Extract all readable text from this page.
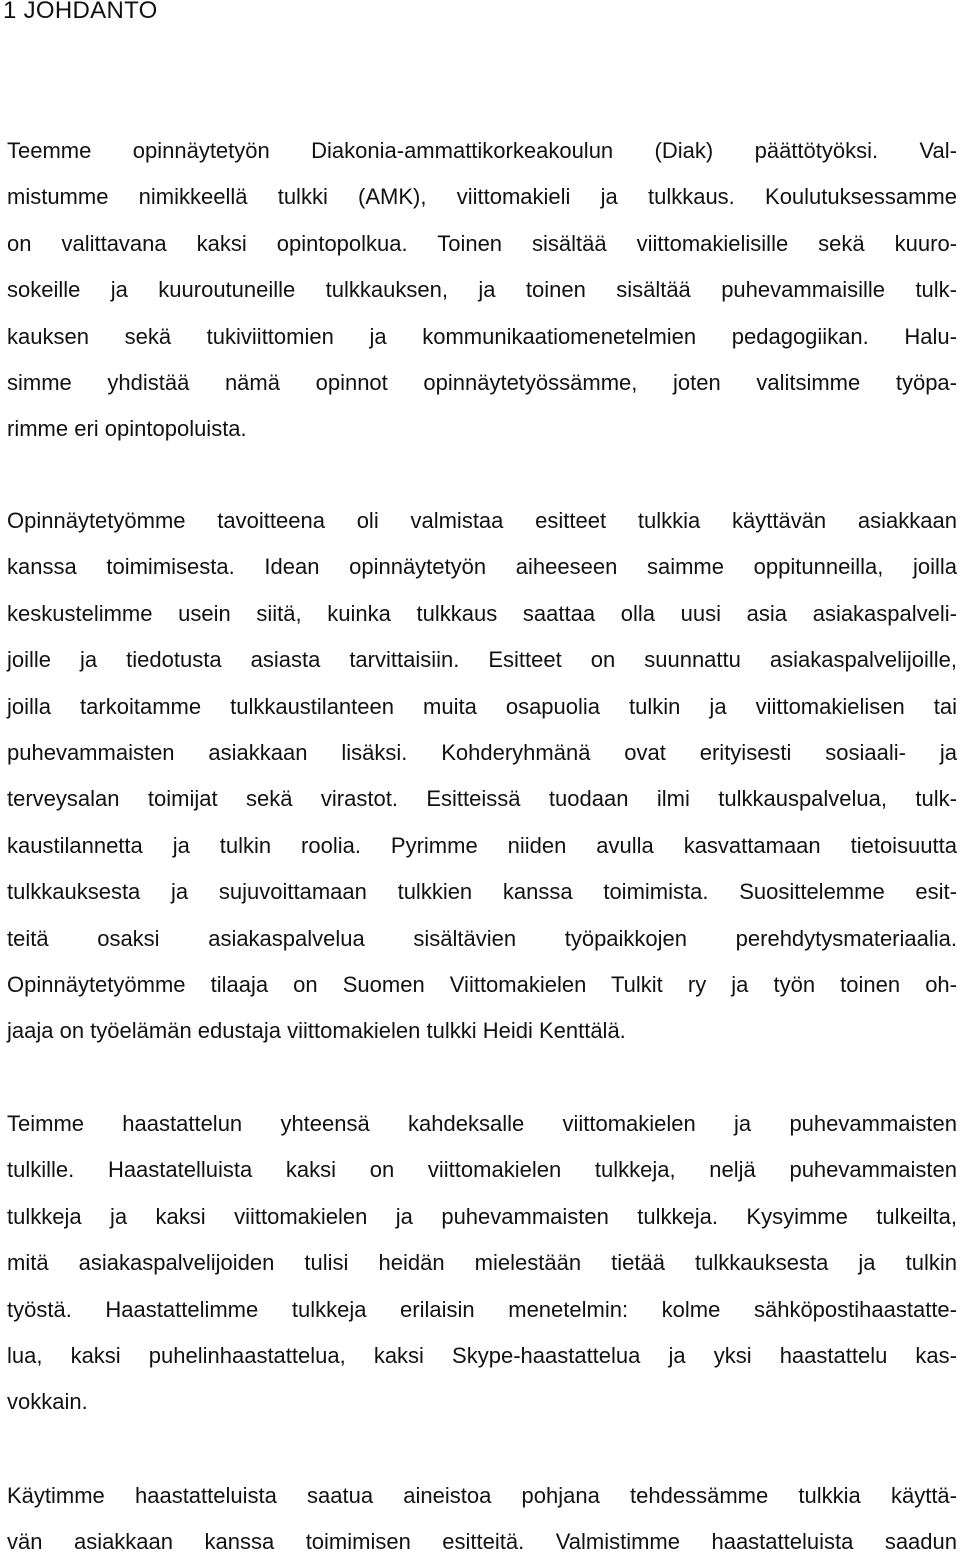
1 JOHDANTO
Teemme opinnäytetyön Diakonia-ammattikorkeakoulun (Diak) päättötyöksi. Val-
mistumme nimikkeellä tulkki (AMK), viittomakieli ja tulkkaus. Koulutuksessamme
on valittavana kaksi opintopolkua. Toinen sisältää viittomakielisille sekä kuuro-
sokeille ja kuuroutuneille tulkkauksen, ja toinen sisältää puhevammaisille tulk-
kauksen sekä tukiviittomien ja kommunikaatiomenetelmien pedagogiikan. Halu-
simme yhdistää nämä opinnot opinnäytetyössämme, joten valitsimme työpa-
rimme eri opintopoluista.
Opinnäytetyömme tavoitteena oli valmistaa esitteet tulkkia käyttävän asiakkaan
kanssa toimimisesta. Idean opinnäytetyön aiheeseen saimme oppitunneilla, joilla
keskustelimme usein siitä, kuinka tulkkaus saattaa olla uusi asia asiakaspalveli-
joille ja tiedotusta asiasta tarvittaisiin. Esitteet on suunnattu asiakaspalvelijoille,
joilla tarkoitamme tulkkaustilanteen muita osapuolia tulkin ja viittomakielisen tai
puhevammaisten asiakkaan lisäksi. Kohderyhmänä ovat erityisesti sosiaali- ja
terveysalan toimijat sekä virastot. Esitteissä tuodaan ilmi tulkkauspalvelua, tulk-
kaustilannetta ja tulkin roolia. Pyrimme niiden avulla kasvattamaan tietoisuutta
tulkkauksesta ja sujuvoittamaan tulkkien kanssa toimimista. Suosittelemme esit-
teitä osaksi asiakaspalvelua sisältävien työpaikkojen perehdytysmateriaalia.
Opinnäytetyömme tilaaja on Suomen Viittomakielen Tulkit ry ja työn toinen oh-
jaaja on työelämän edustaja viittomakielen tulkki Heidi Kenttälä.
Teimme haastattelun yhteensä kahdeksalle viittomakielen ja puhevammaisten
tulkille. Haastatelluista kaksi on viittomakielen tulkkeja, neljä puhevammaisten
tulkkeja ja kaksi viittomakielen ja puhevammaisten tulkkeja. Kysyimme tulkeilta,
mitä asiakaspalvelijoiden tulisi heidän mielestään tietää tulkkauksesta ja tulkin
työstä. Haastattelimme tulkkeja erilaisin menetelmin: kolme sähköpostihaastatte-
lua, kaksi puhelinhaastattelua, kaksi Skype-haastattelua ja yksi haastattelu kas-
vokkain.
Käytimme haastatteluista saatua aineistoa pohjana tehdessämme tulkkia käyttä-
vän asiakkaan kanssa toimimisen esitteitä. Valmistimme haastatteluista saadun
